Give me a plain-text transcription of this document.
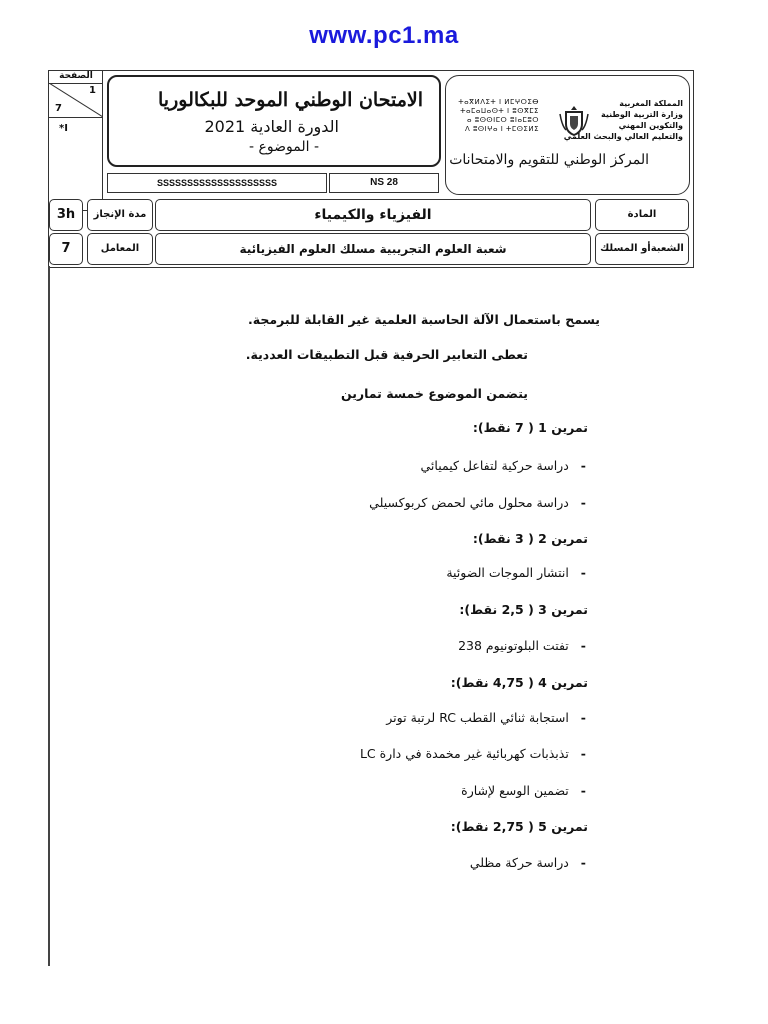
www.pc1.ma
الصفحة
1
7
*I
الامتحان الوطني الموحد للبكالوريا
الدورة العادية 2021
- الموضوع -
SSSSSSSSSSSSSSSSSSSS	NS 28
ⵜⴰⴳⵍⴷⵉⵜ ⵏ ⵍⵎⵖⵔⵉⴱ
ⵜⴰⵎⴰⵡⴰⵙⵜ ⵏ ⵓⵙⴳⵎⵉ
ⴰ ⵓⵙⵙⵏⵎⵔ ⵓⵏⴰⵎⵓⵔ
ⴷ ⵓⵙⵏⵖⴰ ⵏ ⵜⵎⵙⵉⵍⵉ
المملكة المغربية
وزارة التربية الوطنية
والتكوين المهني
والتعليم العالي والبحث العلمي
المركز الوطني للتقويم والامتحانات
3h	مدة الإنجاز	الفيزياء والكيمياء	المادة
7	المعامل	شعبة العلوم التجريبية مسلك العلوم الفيزيائية	الشعبةأو المسلك
يسمح باستعمال الآلة الحاسبة العلمية غير القابلة للبرمجة.
تعطى التعابير الحرفية قبل التطبيقات العددية.
يتضمن الموضوع خمسة تمارين
تمرين 1 ( 7 نقط):
-دراسة حركية لتفاعل كيميائي
-دراسة محلول مائي لحمض كربوكسيلي
تمرين 2 ( 3 نقط):
-انتشار الموجات الضوئية
تمرين 3 ( 2,5 نقط):
-تفتت البلوتونيوم 238
تمرين 4 ( 4,75 نقط):
-استجابة ثنائي القطب RC لرتبة توتر
-تذبذبات كهربائية غير مخمدة في دارة LC
-تضمين الوسع لإشارة
تمرين 5 ( 2,75 نقط):
-دراسة حركة مظلي
